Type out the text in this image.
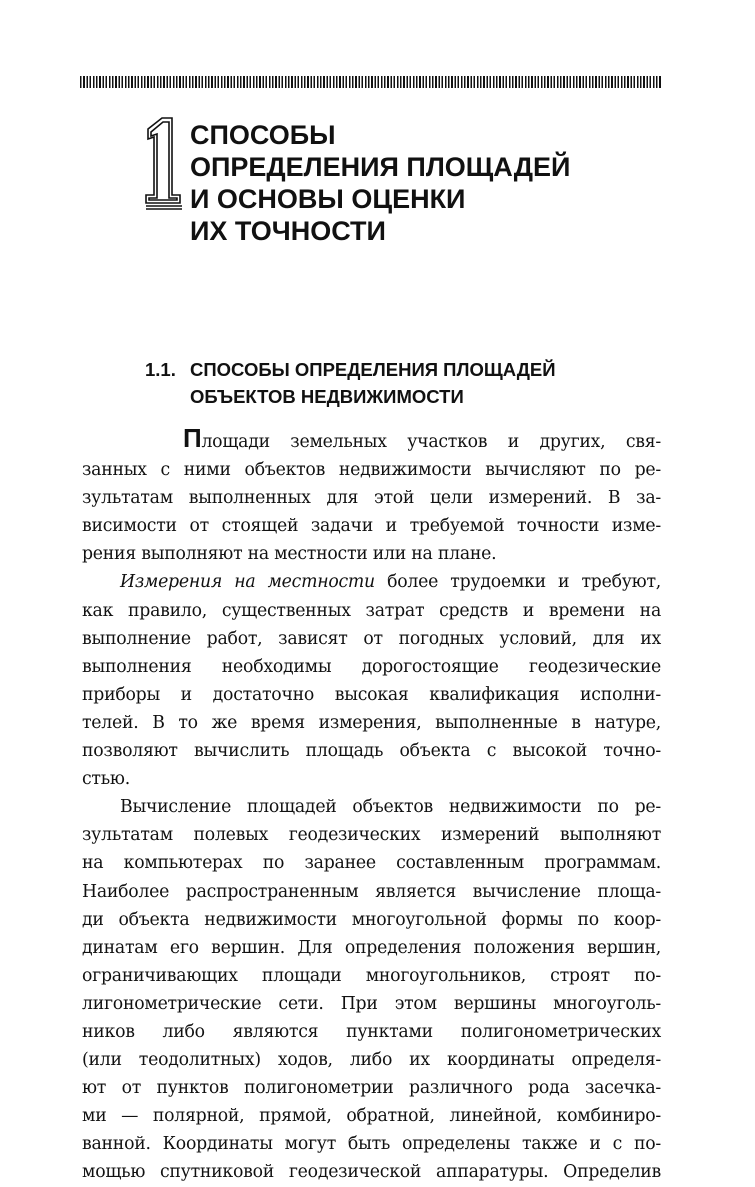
1
СПОСОБЫ
ОПРЕДЕЛЕНИЯ ПЛОЩАДЕЙ
И ОСНОВЫ ОЦЕНКИ
ИХ ТОЧНОСТИ
1.1. СПОСОБЫ ОПРЕДЕЛЕНИЯ ПЛОЩАДЕЙ
ОБЪЕКТОВ НЕДВИЖИМОСТИ
Площади земельных участков и других, свя-
занных с ними объектов недвижимости вычисляют по ре-
зультатам выполненных для этой цели измерений. В за-
висимости от стоящей задачи и требуемой точности изме-
рения выполняют на местности или на плане.
Измерения на местности более трудоемки и требуют,
как правило, существенных затрат средств и времени на
выполнение работ, зависят от погодных условий, для их
выполнения необходимы дорогостоящие геодезические
приборы и достаточно высокая квалификация исполни-
телей. В то же время измерения, выполненные в натуре,
позволяют вычислить площадь объекта с высокой точно-
стью.
Вычисление площадей объектов недвижимости по ре-
зультатам полевых геодезических измерений выполняют
на компьютерах по заранее составленным программам.
Наиболее распространенным является вычисление площа-
ди объекта недвижимости многоугольной формы по коор-
динатам его вершин. Для определения положения вершин,
ограничивающих площади многоугольников, строят по-
лигонометрические сети. При этом вершины многоуголь-
ников либо являются пунктами полигонометрических
(или теодолитных) ходов, либо их координаты определя-
ют от пунктов полигонометрии различного рода засечка-
ми — полярной, прямой, обратной, линейной, комбиниро-
ванной. Координаты могут быть определены также и с по-
мощью спутниковой геодезической аппаратуры. Определив
